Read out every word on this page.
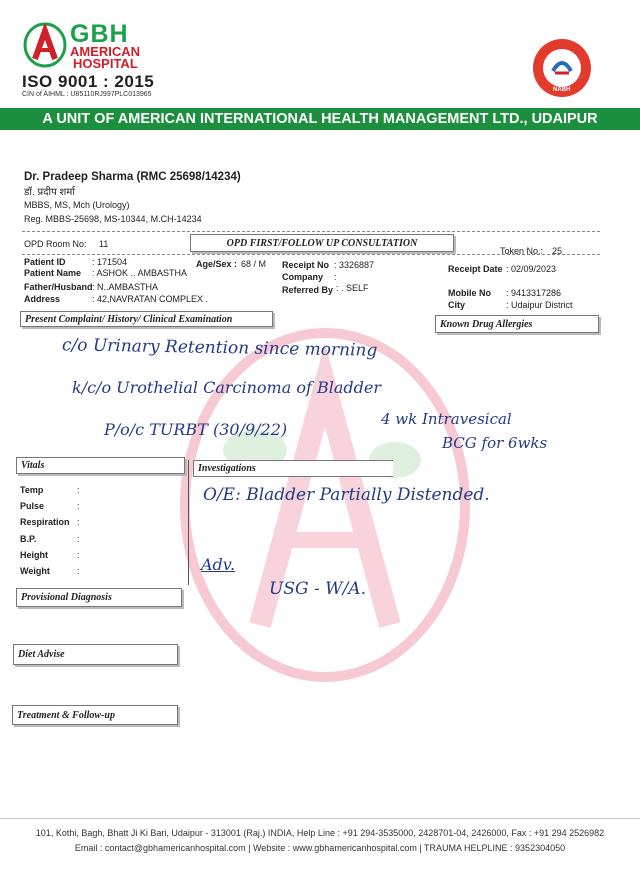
GBH
AMERICAN
HOSPITAL
ISO 9001 : 2015
CIN of AIHML : U85110RJ997PLC013965
NABH
A UNIT OF AMERICAN INTERNATIONAL HEALTH MANAGEMENT LTD., UDAIPUR
Dr. Pradeep Sharma (RMC 25698/14234)
डॉ. प्रदीप शर्मा
MBBS, MS, Mch (Urology)
Reg. MBBS-25698, MS-10344, M.CH-14234
OPD Room No: 11	OPD FIRST/FOLLOW UP CONSULTATION
Token No.: 25
Patient ID	: 171504
Patient Name : ASHOK .. AMBASTHA
Father/Husband : N..AMBASTHA
Address	: 42,NAVRATAN COMPLEX .
Age/Sex : 68 / M Receipt No : 3326887
Company :
Referred By : . SELF
Receipt Date : 02/09/2023
Mobile No : 9413317286
City	: Udaipur District
Present Complaint/ History/ Clinical Examination	Known Drug Allergies
Vitals	Investigations
Temp	:
Pulse	:
Respiration :
B.P.	:
Height	:
Weight	:
Provisional Diagnosis
Diet Advise
Treatment & Follow-up
c/o Urinary Retention since morning
k/c/o Urothelial Carcinoma of Bladder
P/o/c TURBT (30/9/22)
4 wk Intravesical
BCG for 6wks
O/E: Bladder Partially Distended.
Adv.
USG - W/A.
101, Kothi, Bagh, Bhatt Ji Ki Bari, Udaipur - 313001 (Raj.) INDIA, Help Line : +91 294-3535000, 2428701-04, 2426000, Fax : +91 294 2526982
Email : contact@gbhamericanhospital.com | Website : www.gbhamericanhospital.com | TRAUMA HELPLINE : 9352304050
